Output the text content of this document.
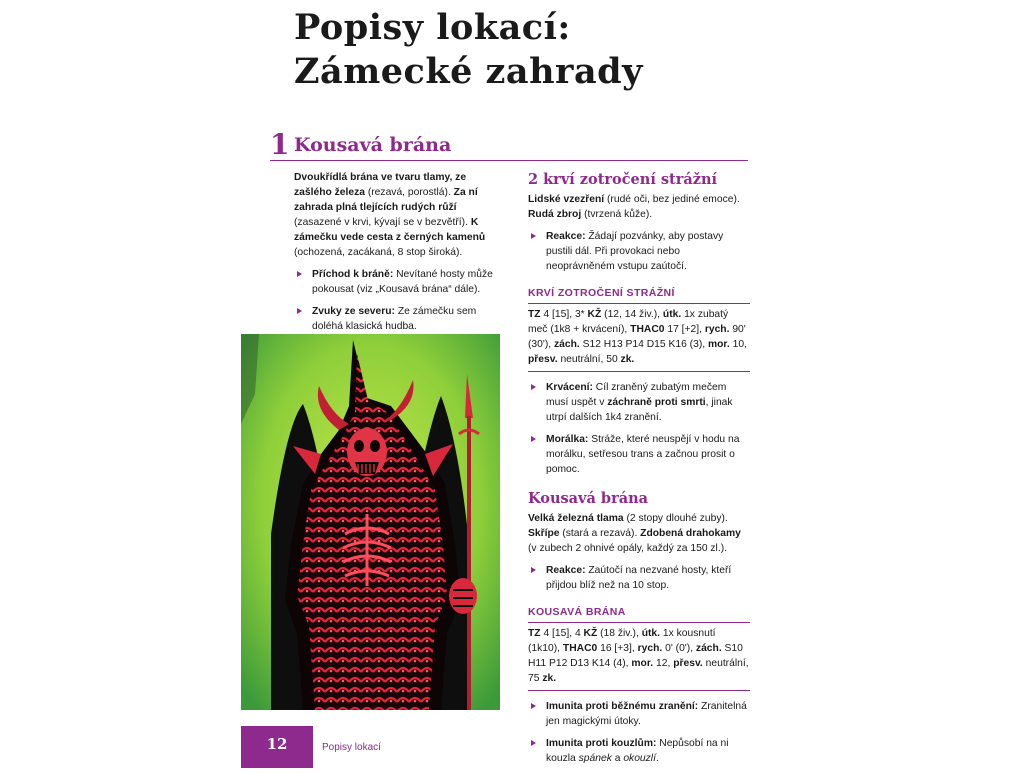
Popisy lokací:
Zámecké zahrady
1 Kousavá brána

Dvoukřídlá brána ve tvaru tlamy, ze zašlého železa (rezavá, porostlá). Za ní zahrada plná tlejících rudých růží (zasazené v krvi, kývají se v bezvětří). K zámečku vede cesta z černých kamenů (ochozená, zacákaná, 8 stop široká).

Příchod k bráně: Nevítané hosty může pokousat (viz „Kousavá brána“ dále).
Zvuky ze severu: Ze zámečku sem doléhá klasická hudba.
2 krví zotročení strážní

Lidské vzezření (rudé oči, bez jediné emoce).
Rudá zbroj (tvrzená kůže).

Reakce: Žádají pozvánky, aby postavy pustili dál. Při provokaci nebo neoprávněném vstupu zaútočí.
KRVÍ ZOTROČENÍ STRÁŽNÍ
TZ 4 [15], 3* KŽ (12, 14 živ.), útk. 1x zubatý meč (1k8 + krvácení), THAC0 17 [+2], rych. 90' (30'), zách. S12 H13 P14 D15 K16 (3), mor. 10, přesv. neutrální, 50 zk.
Krvácení: Cíl zraněný zubatým mečem musí uspět v záchraně proti smrti, jinak utrpí dalších 1k4 zranění.
Morálka: Stráže, které neuspějí v hodu na morálku, setřesou trans a začnou prosit o pomoc.
Kousavá brána

Velká železná tlama (2 stopy dlouhé zuby). Skřípe (stará a rezavá). Zdobená drahokamy (v zubech 2 ohnivé opály, každý za 150 zl.).

Reakce: Zaútočí na nezvané hosty, kteří přijdou blíž než na 10 stop.
KOUSAVÁ BRÁNA
TZ 4 [15], 4 KŽ (18 živ.), útk. 1x kousnutí (1k10), THAC0 16 [+3], rych. 0' (0'), zách. S10 H11 P12 D13 K14 (4), mor. 12, přesv. neutrální, 75 zk.
Imunita proti běžnému zranění: Zranitelná jen magickými útoky.
Imunita proti kouzlům: Nepůsobí na ni kouzla spánek a okouzlí.
12	Popisy lokací
